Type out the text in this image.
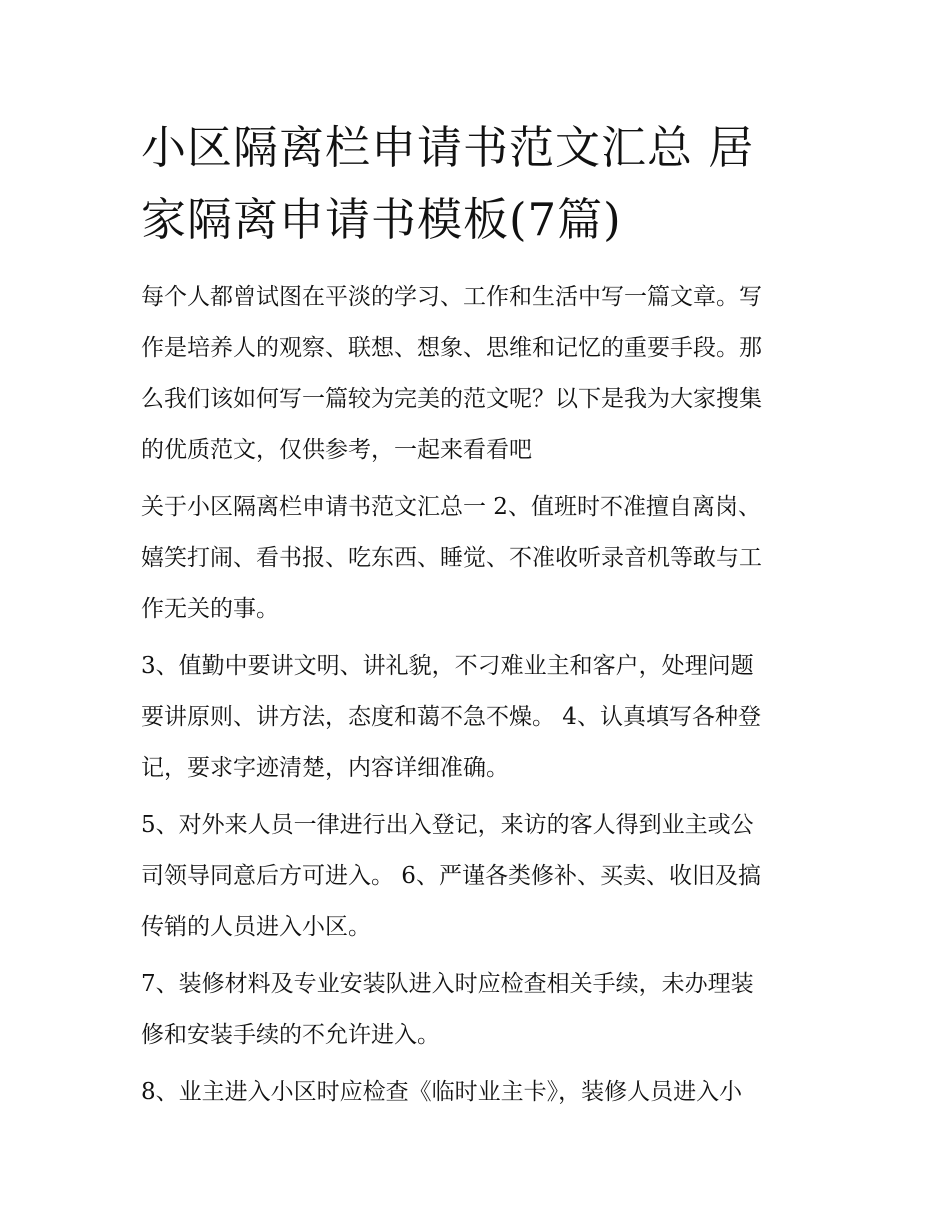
小区隔离栏申请书范文汇总 居
家隔离申请书模板(7篇)

每个人都曾试图在平淡的学习、工作和生活中写一篇文章。写
作是培养人的观察、联想、想象、思维和记忆的重要手段。那
么我们该如何写一篇较为完美的范文呢？以下是我为大家搜集
的优质范文，仅供参考，一起来看看吧

关于小区隔离栏申请书范文汇总一 2、值班时不准擅自离岗、
嬉笑打闹、看书报、吃东西、睡觉、不准收听录音机等敢与工
作无关的事。

3、值勤中要讲文明、讲礼貌，不刁难业主和客户，处理问题
要讲原则、讲方法，态度和蔼不急不燥。 4、认真填写各种登
记，要求字迹清楚，内容详细准确。

5、对外来人员一律进行出入登记，来访的客人得到业主或公
司领导同意后方可进入。 6、严谨各类修补、买卖、收旧及搞
传销的人员进入小区。

7、装修材料及专业安装队进入时应检查相关手续，未办理装
修和安装手续的不允许进入。

8、业主进入小区时应检查《临时业主卡》，装修人员进入小
